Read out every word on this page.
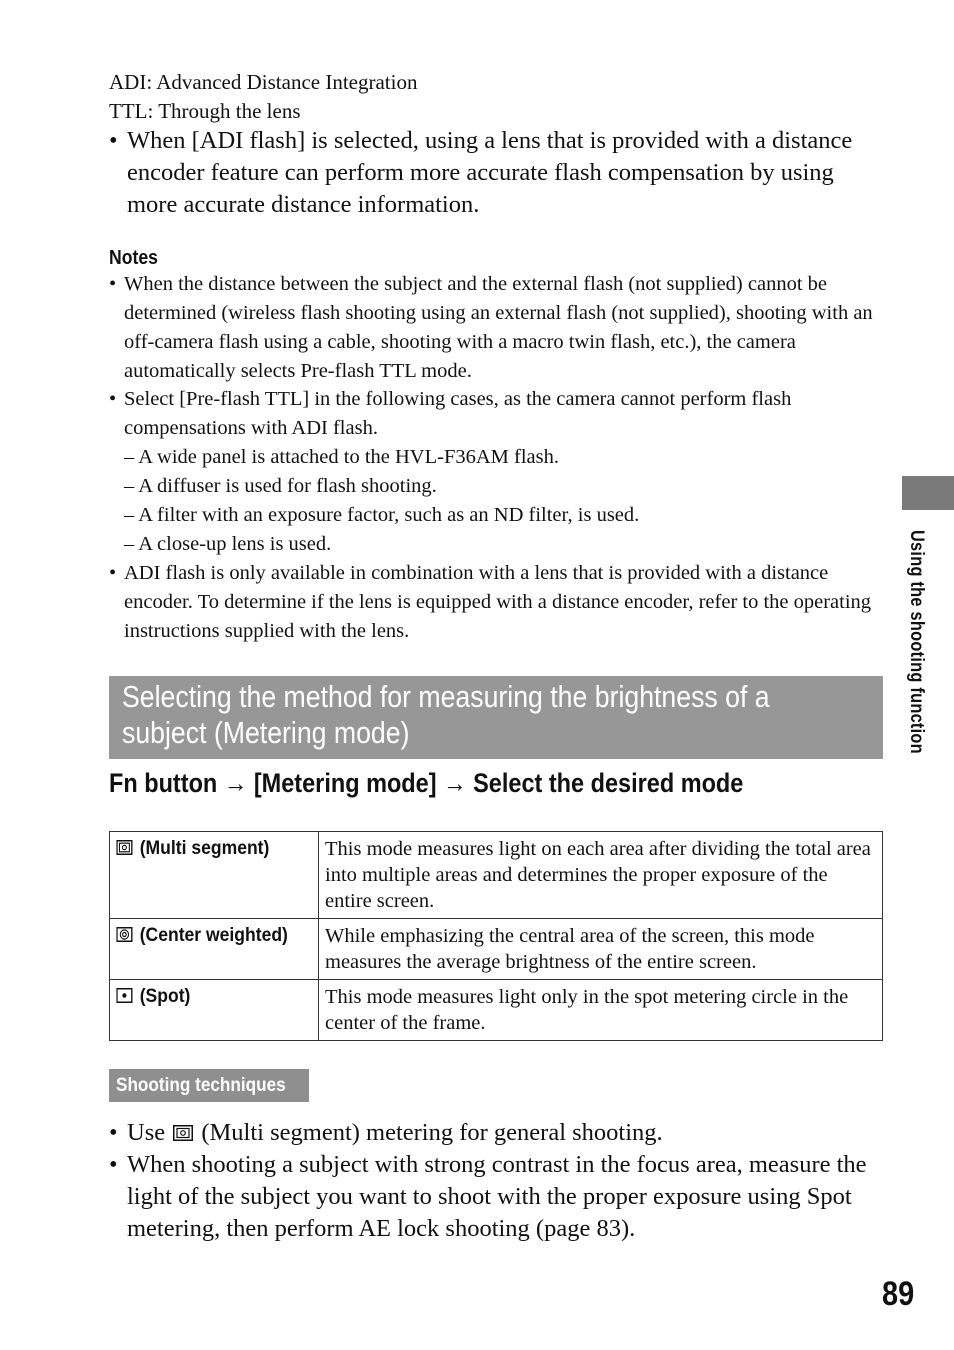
ADI: Advanced Distance Integration
TTL: Through the lens
• When [ADI flash] is selected, using a lens that is provided with a distance encoder feature can perform more accurate flash compensation by using more accurate distance information.
Notes
• When the distance between the subject and the external flash (not supplied) cannot be determined (wireless flash shooting using an external flash (not supplied), shooting with an off-camera flash using a cable, shooting with a macro twin flash, etc.), the camera automatically selects Pre-flash TTL mode.
• Select [Pre-flash TTL] in the following cases, as the camera cannot perform flash compensations with ADI flash.
– A wide panel is attached to the HVL-F36AM flash.
– A diffuser is used for flash shooting.
– A filter with an exposure factor, such as an ND filter, is used.
– A close-up lens is used.
• ADI flash is only available in combination with a lens that is provided with a distance encoder. To determine if the lens is equipped with a distance encoder, refer to the operating instructions supplied with the lens.	Using the shooting function
Selecting the method for measuring the brightness of a subject (Metering mode)
Fn button → [Metering mode] → Select the desired mode
(Multi segment)	This mode measures light on each area after dividing the total area into multiple areas and determines the proper exposure of the entire screen.
(Center weighted)	While emphasizing the central area of the screen, this mode measures the average brightness of the entire screen.
(Spot)	This mode measures light only in the spot metering circle in the center of the frame.
Shooting techniques
• Use (Multi segment) metering for general shooting.
• When shooting a subject with strong contrast in the focus area, measure the light of the subject you want to shoot with the proper exposure using Spot metering, then perform AE lock shooting (page 83).
89
